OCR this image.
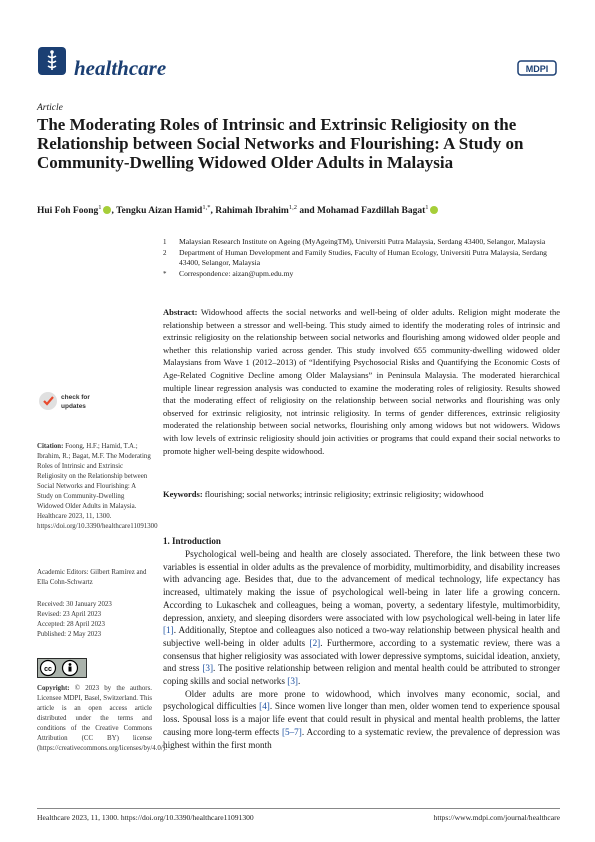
healthcare	MDPI
Article
The Moderating Roles of Intrinsic and Extrinsic Religiosity on the Relationship between Social Networks and Flourishing: A Study on Community-Dwelling Widowed Older Adults in Malaysia
Hui Foh Foong$^1$ , Tengku Aizan Hamid$^{1,*}$, Rahimah Ibrahim$^{1,2}$ and Mohamad Fazdillah Bagat$^1$
1 Malaysian Research Institute on Ageing (MyAgeingTM), Universiti Putra Malaysia, Serdang 43400, Selangor, Malaysia
2 Department of Human Development and Family Studies, Faculty of Human Ecology, Universiti Putra Malaysia, Serdang 43400, Selangor, Malaysia
* Correspondence: aizan@upm.edu.my
check for
updates
Citation: Foong, H.F.; Hamid, T.A.; Ibrahim, R.; Bagat, M.F. The Moderating Roles of Intrinsic and Extrinsic Religiosity on the Relationship between Social Networks and Flourishing: A Study on Community-Dwelling Widowed Older Adults in Malaysia. Healthcare 2023, 11, 1300. https://doi.org/10.3390/healthcare11091300
Academic Editors: Gilbert Ramírez and Ella Cohn-Schwartz
Received: 30 January 2023
Revised: 23 April 2023
Accepted: 28 April 2023
Published: 2 May 2023
cc
Copyright: © 2023 by the authors. Licensee MDPI, Basel, Switzerland. This article is an open access article distributed under the terms and conditions of the Creative Commons Attribution (CC BY) license (https://creativecommons.org/licenses/by/4.0/).
Abstract: Widowhood affects the social networks and well-being of older adults. Religion might moderate the relationship between a stressor and well-being. This study aimed to identify the moderating roles of intrinsic and extrinsic religiosity on the relationship between social networks and flourishing among widowed older people and whether this relationship varied across gender. This study involved 655 community-dwelling widowed older Malaysians from Wave 1 (2012–2013) of “Identifying Psychosocial Risks and Quantifying the Economic Costs of Age-Related Cognitive Decline among Older Malaysians” in Peninsula Malaysia. The moderated hierarchical multiple linear regression analysis was conducted to examine the moderating roles of religiosity. Results showed that the moderating effect of religiosity on the relationship between social networks and flourishing was only observed for extrinsic religiosity, not intrinsic religiosity. In terms of gender differences, extrinsic religiosity moderated the relationship between social networks, flourishing only among widows but not widowers. Widows with low levels of extrinsic religiosity should join activities or programs that could expand their social networks to promote higher well-being despite widowhood.
Keywords: flourishing; social networks; intrinsic religiosity; extrinsic religiosity; widowhood
1. Introduction

Psychological well-being and health are closely associated. Therefore, the link between these two variables is essential in older adults as the prevalence of morbidity, multimorbidity, and disability increases with advancing age. Besides that, due to the advancement of medical technology, life expectancy has increased, ultimately making the issue of psychological well-being in later life a growing concern. According to Lukaschek and colleagues, being a woman, poverty, a sedentary lifestyle, multimorbidity, depression, anxiety, and sleeping disorders were associated with low psychological well-being in later life [1]. Additionally, Steptoe and colleagues also noticed a two-way relationship between physical health and subjective well-being in older adults [2]. Furthermore, according to a systematic review, there was a consensus that higher religiosity was associated with lower depressive symptoms, suicidal ideation, anxiety, and stress [3]. The positive relationship between religion and mental health could be attributed to stronger coping skills and social networks [3].

Older adults are more prone to widowhood, which involves many economic, social, and psychological difficulties [4]. Since women live longer than men, older women tend to experience spousal loss. Spousal loss is a major life event that could result in physical and mental health problems, the latter causing more long-term effects [5–7]. According to a systematic review, the prevalence of depression was highest within the first month

Healthcare 2023, 11, 1300. https://doi.org/10.3390/healthcare11091300	https://www.mdpi.com/journal/healthcare
